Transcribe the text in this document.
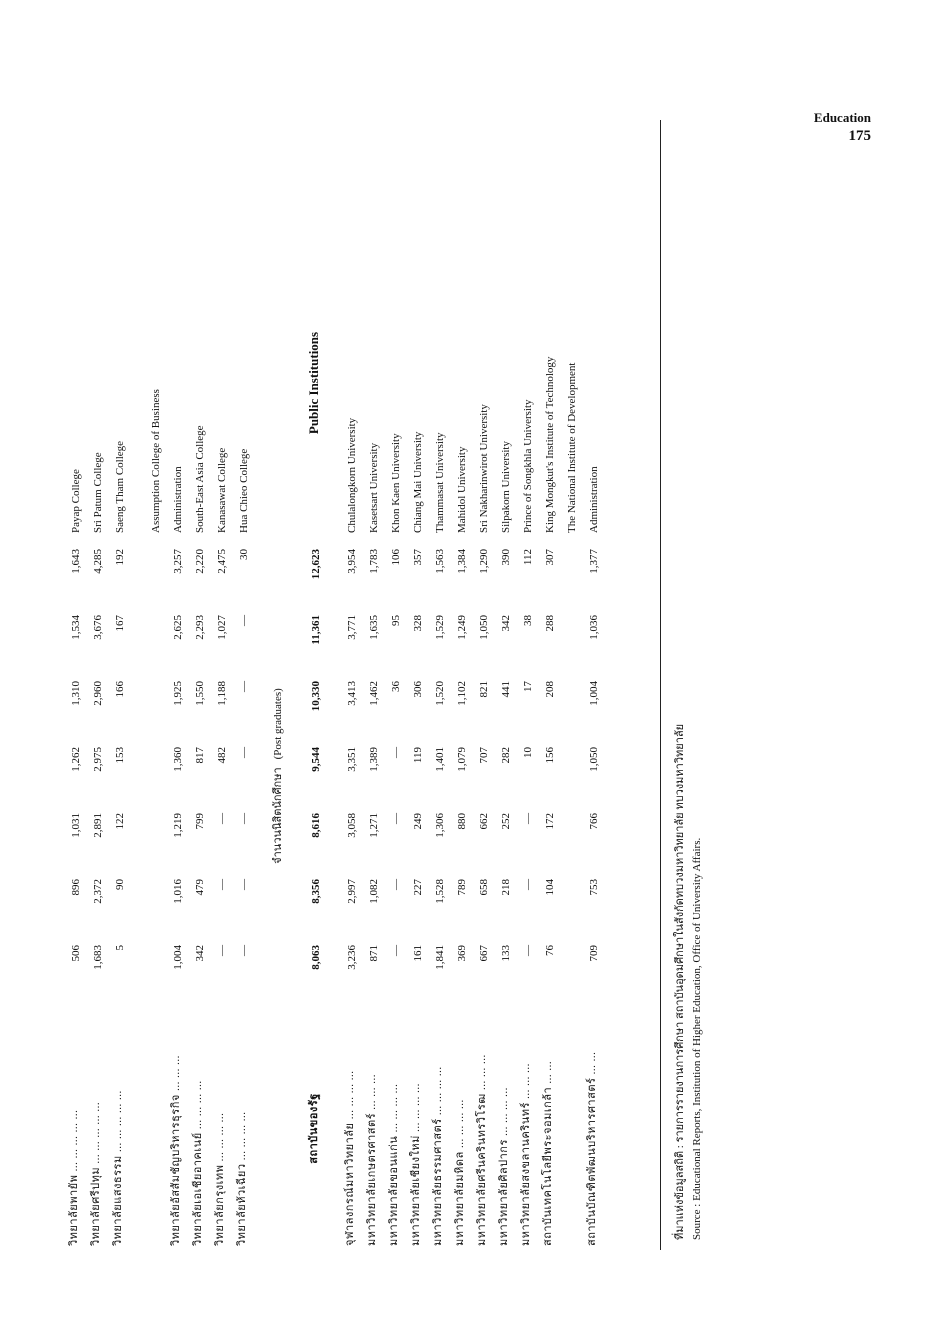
Education
175
วิทยาลัยพายัพ ... ... ... ... ...	506	896	1,031	1,262	1,310	1,534	1,643	Payap College
วิทยาลัยศรีปทุม ... ... ... ... ...	1,683	2,372	2,891	2,975	2,960	3,676	4,285	Sri Patum College
วิทยาลัยแสงธรรม ... ... ... ... ...	5	90	122	153	166	167	192	Saeng Tham College

								Assumption College of Business
วิทยาลัยอัสสัมชัญบริหารธุรกิจ ... ... ...	1,004	1,016	1,219	1,360	1,925	2,625	3,257	Administration
วิทยาลัยเอเชียอาคเนย์ ... ... ... ...	342	479	799	817	1,550	2,293	2,220	South-East Asia College
วิทยาลัยกรุงเทพ ... ... ... ...	—	—	—	482	1,188	1,027	2,475	Kanasawat College
วิทยาลัยหัวเฉียว ... ... ... ...	—	—	—	—	—	—	30	Hua Chieo College

	จำนวนนิสิตนักศึกษา(Post graduates)							

สถาบันของรัฐ	8,063	8,356	8,616	9,544	10,330	11,361	12,623	Public Institutions

จุฬาลงกรณ์มหาวิทยาลัย ... ... ... ...	3,236	2,997	3,058	3,351	3,413	3,771	3,954	Chulalongkorn University
มหาวิทยาลัยเกษตรศาสตร์ ... ... ...	871	1,082	1,271	1,389	1,462	1,635	1,783	Kasetsart University
มหาวิทยาลัยขอนแก่น ... ... ... ...	—	—	—	—	36	95	106	Khon Kaen University
มหาวิทยาลัยเชียงใหม่ ... ... ... ...	161	227	249	119	306	328	357	Chiang Mai University
มหาวิทยาลัยธรรมศาสตร์ ... ... ... ...	1,841	1,528	1,306	1,401	1,520	1,529	1,563	Thammasat University
มหาวิทยาลัยมหิดล ... ... ... ...	369	789	880	1,079	1,102	1,249	1,384	Mahidol University
มหาวิทยาลัยศรีนครินทรวิโรฒ ... ... ...	667	658	662	707	821	1,050	1,290	Sri Nakharinwirot University
มหาวิทยาลัยศิลปากร ... ... ... ...	133	218	252	282	441	342	390	Silpakorn University
มหาวิทยาลัยสงขลานครินทร์ ... ... ...	—	—	—	10	17	38	112	Prince of Songkhla University
สถาบันเทคโนโลยีพระจอมเกล้า ... ...	76	104	172	156	208	288	307	King Mongkut's Institute of Technology
								The National Institute of Development
สถาบันบัณฑิตพัฒนบริหารศาสตร์ ... ...	709	753	766	1,050	1,004	1,036	1,377	Administration
ที่มาแห่งข้อมูลสถิติ : รายการรายงานการศึกษา สถาบันอุดมศึกษาในสังกัดทบวงมหาวิทยาลัย ทบวงมหาวิทยาลัย Source : Educational Reports, Institution of Higher Education, Office of University Affairs.
